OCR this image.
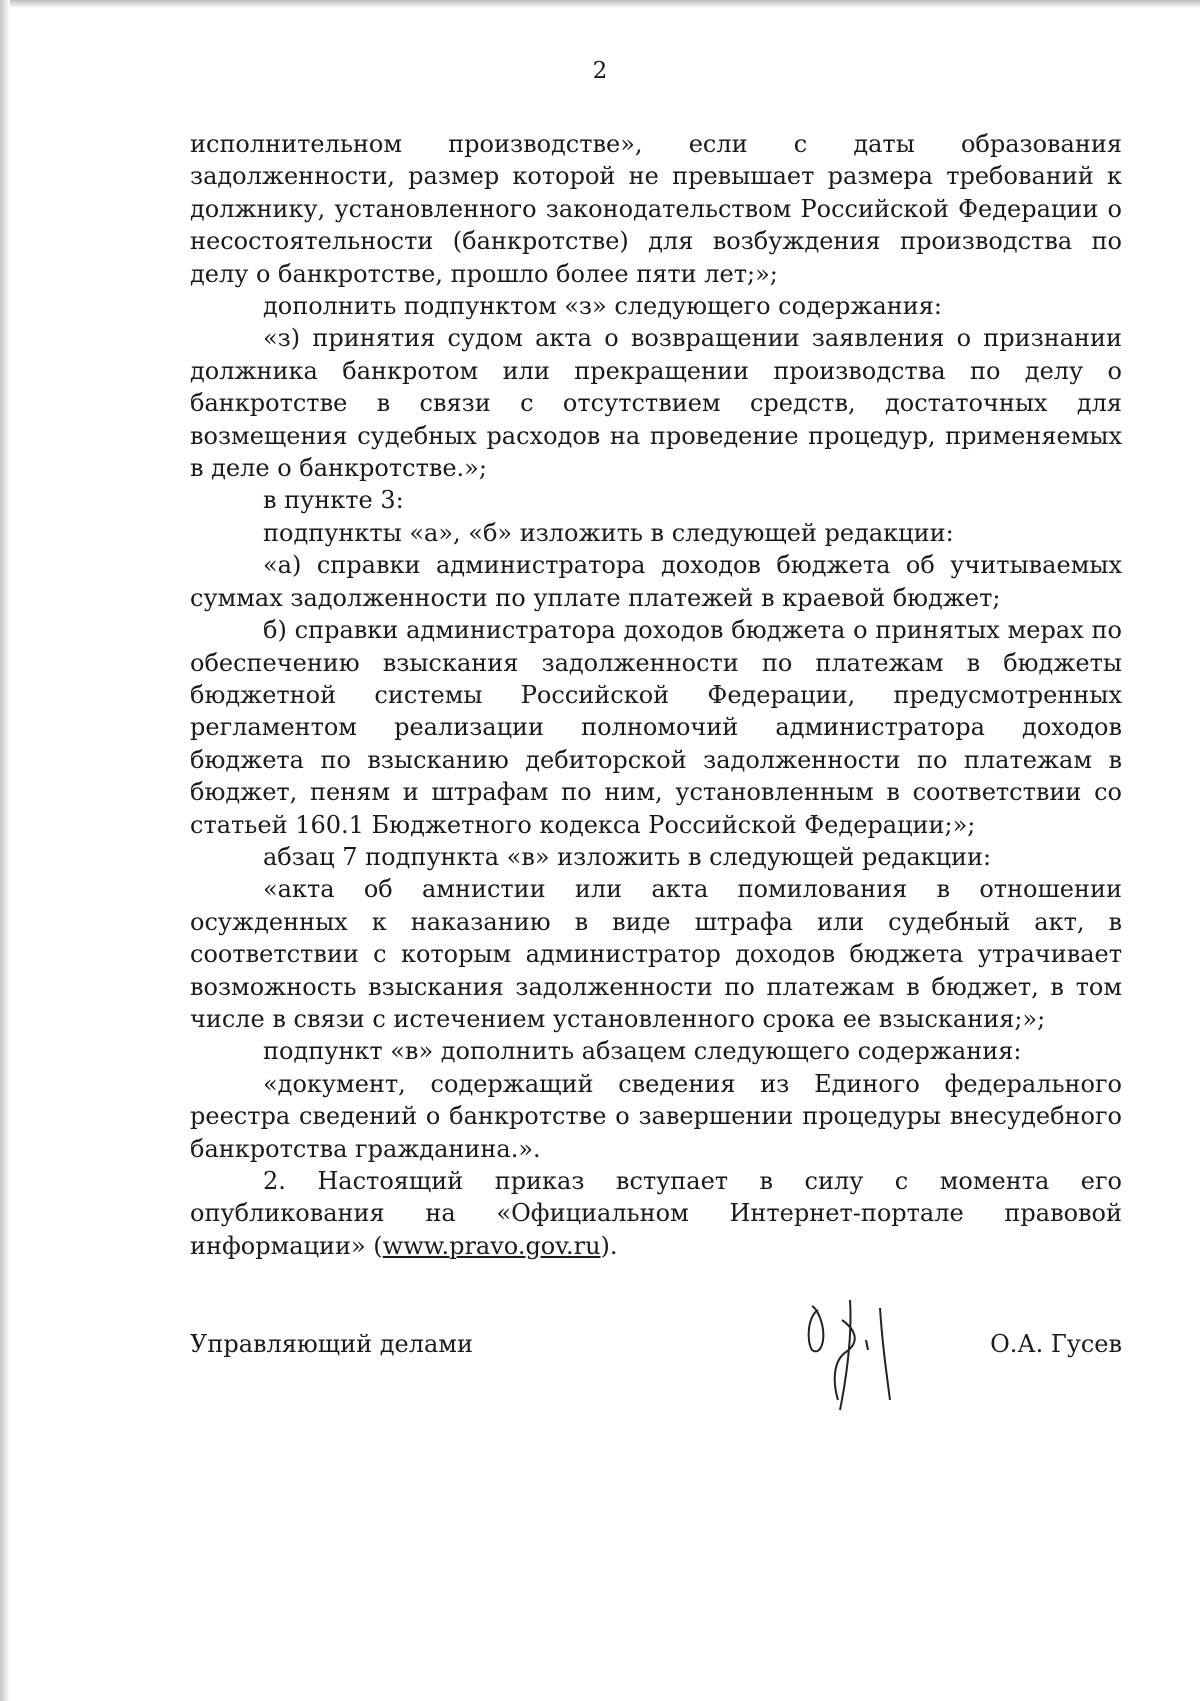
2

исполнительном производстве», если с даты образования задолженности, размер которой не превышает размера требований к должнику, установленного законодательством Российской Федерации о несостоятельности (банкротстве) для возбуждения производства по делу о банкротстве, прошло более пяти лет;»;

дополнить подпунктом «з» следующего содержания:

«з) принятия судом акта о возвращении заявления о признании должника банкротом или прекращении производства по делу о банкротстве в связи с отсутствием средств, достаточных для возмещения судебных расходов на проведение процедур, применяемых в деле о банкротстве.»;

в пункте 3:

подпункты «а», «б» изложить в следующей редакции:

«а) справки администратора доходов бюджета об учитываемых суммах задолженности по уплате платежей в краевой бюджет;

б) справки администратора доходов бюджета о принятых мерах по обеспечению взыскания задолженности по платежам в бюджеты бюджетной системы Российской Федерации, предусмотренных регламентом реализации полномочий администратора доходов бюджета по взысканию дебиторской задолженности по платежам в бюджет, пеням и штрафам по ним, установленным в соответствии со статьей 160.1 Бюджетного кодекса Российской Федерации;»;

абзац 7 подпункта «в» изложить в следующей редакции:

«акта об амнистии или акта помилования в отношении осужденных к наказанию в виде штрафа или судебный акт, в соответствии с которым администратор доходов бюджета утрачивает возможность взыскания задолженности по платежам в бюджет, в том числе в связи с истечением установленного срока ее взыскания;»;

подпункт «в» дополнить абзацем следующего содержания:

«документ, содержащий сведения из Единого федерального реестра сведений о банкротстве о завершении процедуры внесудебного банкротства гражданина.».

2. Настоящий приказ вступает в силу с момента его опубликования на «Официальном Интернет-портале правовой информации» (www.pravo.gov.ru).

Управляющий делами	О.А. Гусев
